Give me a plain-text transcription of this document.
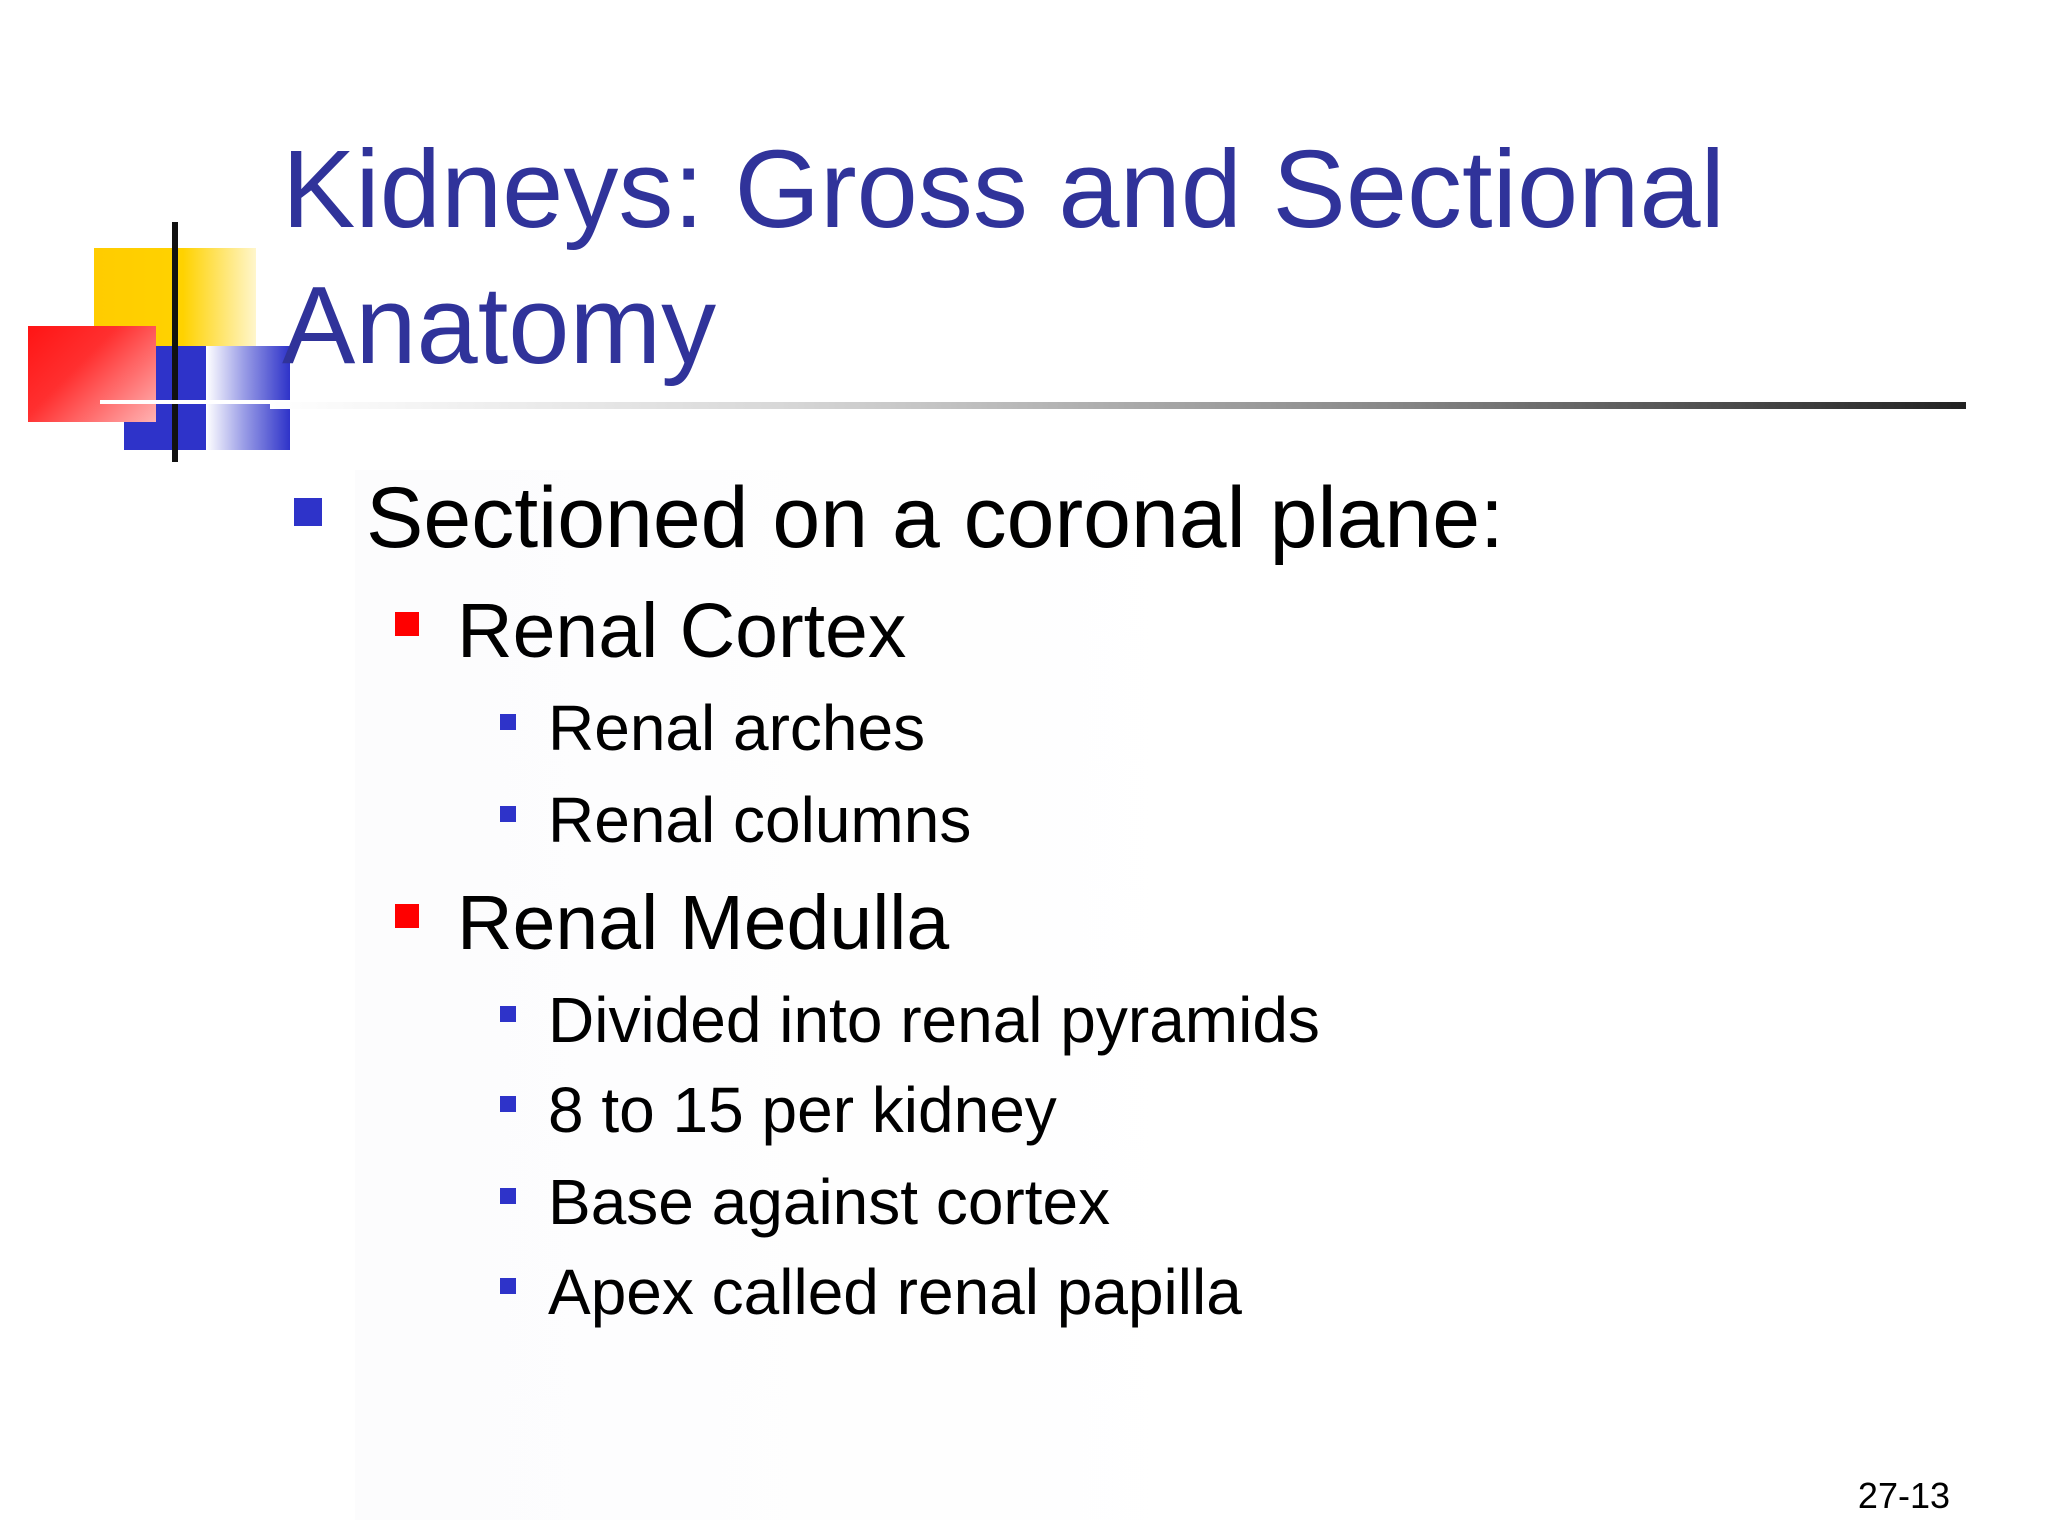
Kidneys: Gross and Sectional Anatomy
Sectioned on a coronal plane:
Renal Cortex
Renal arches
Renal columns
Renal Medulla
Divided into renal pyramids
8 to 15 per kidney
Base against cortex
Apex called renal papilla
27-13
